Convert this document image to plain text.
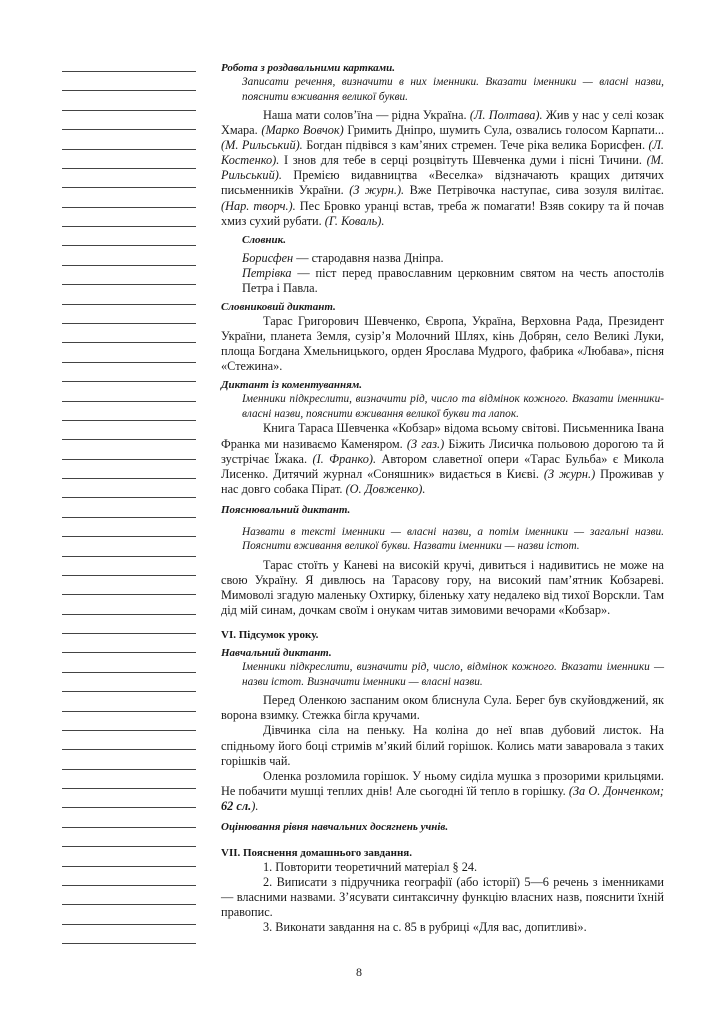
Робота з роздавальними картками.
Записати речення, визначити в них іменники. Вказати іменники — власні назви, пояснити вживання великої букви.
Наша мати солов’їна — рідна Україна. (Л. Полтава). Жив у нас у селі козак Хмара. (Марко Вовчок) Гримить Дніпро, шумить Сула, озвались голосом Карпати... (М. Рильський). Богдан підвівся з кам’яних стремен. Тече ріка велика Борисфен. (Л. Костенко). І знов для тебе в серці розцвітуть Шевченка думи і пісні Тичини. (М. Рильський). Премією видавництва «Веселка» відзначають кращих дитячих письменників України. (З журн.). Вже Петрівочка наступає, сива зозуля вилітає. (Нар. творч.). Пес Бровко уранці встав, треба ж помагати! Взяв сокиру та й почав хмиз сухий рубати. (Г. Коваль).
Словник.
Борисфен — стародавня назва Дніпра.
Петрівка — піст перед православним церковним святом на честь апостолів Петра і Павла.
Словниковий диктант.
Тарас Григорович Шевченко, Європа, Україна, Верховна Рада, Президент України, планета Земля, сузір’я Молочний Шлях, кінь Добрян, село Великі Луки, площа Богдана Хмельницького, орден Ярослава Мудрого, фабрика «Любава», пісня «Стежина».
Диктант із коментуванням.
Іменники підкреслити, визначити рід, число та відмінок кожного. Вказати іменники-власні назви, пояснити вживання великої букви та лапок.
Книга Тараса Шевченка «Кобзар» відома всьому світові. Письменника Івана Франка ми називаємо Каменяром. (З газ.) Біжить Лисичка польовою дорогою та й зустрічає Їжака. (І. Франко). Автором славетної опери «Тарас Бульба» є Микола Лисенко. Дитячий журнал «Соняшник» видається в Києві. (З журн.) Проживав у нас довго собака Пірат. (О. Довженко).
Пояснювальний диктант.
Назвати в тексті іменники — власні назви, а потім іменники — загальні назви. Пояснити вживання великої букви. Назвати іменники — назви істот.
Тарас стоїть у Каневі на високій кручі, дивиться і надивитись не може на свою Україну. Я дивлюсь на Тарасову гору, на високий пам’ятник Кобзареві. Мимоволі згадую маленьку Охтирку, біленьку хату недалеко від тихої Ворскли. Там дід мій синам, дочкам своїм і онукам читав зимовими вечорами «Кобзар».
VI. Підсумок уроку.
Навчальний диктант.
Іменники підкреслити, визначити рід, число, відмінок кожного. Вказати іменники — назви істот. Визначити іменники — власні назви.
Перед Оленкою заспаним оком блиснула Сула. Берег був скуйовджений, як ворона взимку. Стежка бігла кручами.
Дівчинка сіла на пеньку. На коліна до неї впав дубовий листок. На спідньому його боці стримів м’який білий горішок. Колись мати заваровала з таких горішків чай.
Оленка розломила горішок. У ньому сиділа мушка з прозорими крильцями. Не побачити мушці теплих днів! Але сьогодні їй тепло в горішку. (За О. Донченком; 62 сл.).
Оцінювання рівня навчальних досягнень учнів.
VII. Пояснення домашнього завдання.
1. Повторити теоретичний матеріал § 24.
2. Виписати з підручника географії (або історії) 5—6 речень з іменниками — власними назвами. З’ясувати синтаксичну функцію власних назв, пояснити їхній правопис.
3. Виконати завдання на с. 85 в рубриці «Для вас, допитливі».
8
